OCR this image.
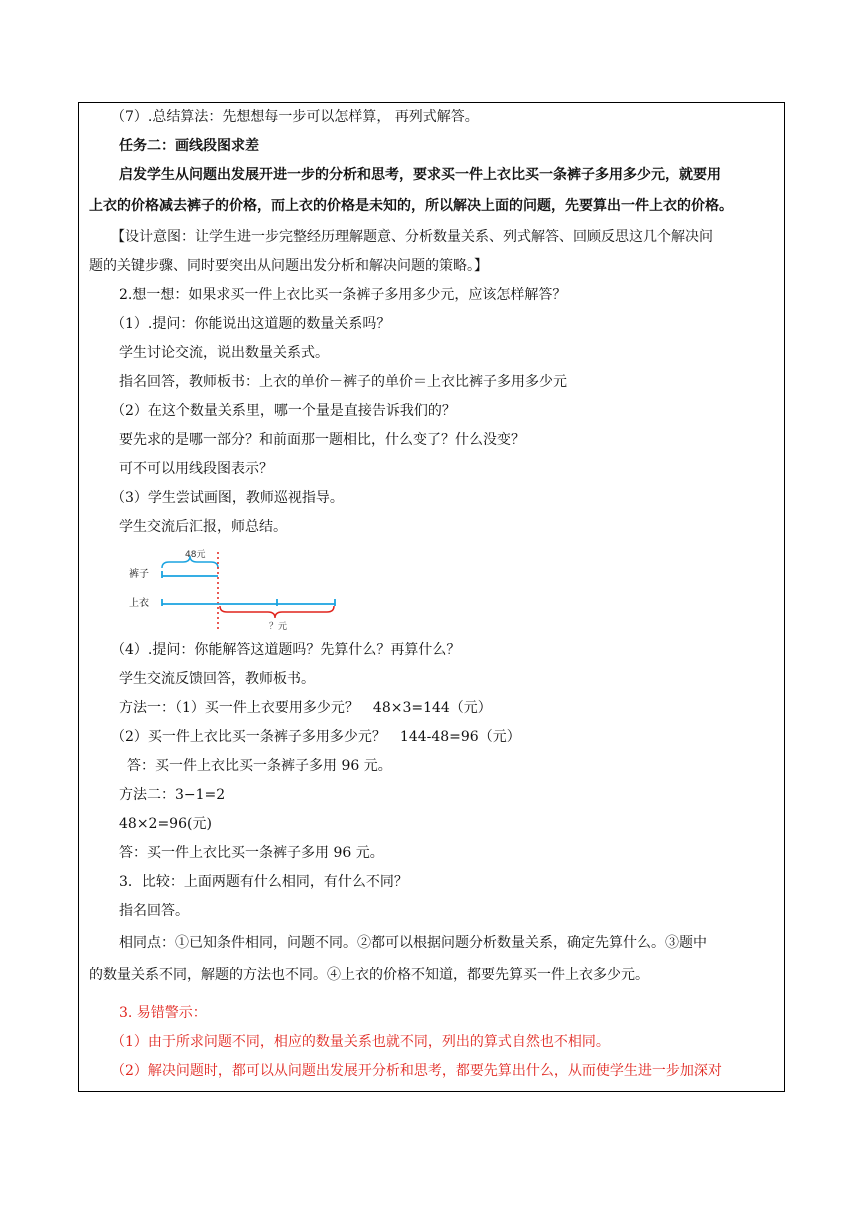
（7）.总结算法：先想想每一步可以怎样算， 再列式解答。
任务二：画线段图求差
启发学生从问题出发展开进一步的分析和思考，要求买一件上衣比买一条裤子多用多少元，就要用
上衣的价格减去裤子的价格，而上衣的价格是未知的，所以解决上面的问题，先要算出一件上衣的价格。
【设计意图：让学生进一步完整经历理解题意、分析数量关系、列式解答、回顾反思这几个解决问
题的关键步骤、同时要突出从问题出发分析和解决问题的策略。】
2.想一想：如果求买一件上衣比买一条裤子多用多少元，应该怎样解答？
（1）.提问：你能说出这道题的数量关系吗？
学生讨论交流，说出数量关系式。
指名回答，教师板书：上衣的单价－裤子的单价＝上衣比裤子多用多少元
（2）在这个数量关系里，哪一个量是直接告诉我们的？
要先求的是哪一部分？和前面那一题相比，什么变了？什么没变？
可不可以用线段图表示？
（3）学生尝试画图，教师巡视指导。
学生交流后汇报，师总结。
48元
裤子
上衣
？元
（4）.提问：你能解答这道题吗？先算什么？再算什么？
学生交流反馈回答，教师板书。
方法一：（1）买一件上衣要用多少元？　48×3=144（元）
（2）买一件上衣比买一条裤子多用多少元？　144-48=96（元）
答：买一件上衣比买一条裤子多用 96 元。
方法二：3−1=2
48×2=96(元)
答：买一件上衣比买一条裤子多用 96 元。
3．比较：上面两题有什么相同，有什么不同？
指名回答。
相同点：①已知条件相同，问题不同。②都可以根据问题分析数量关系，确定先算什么。③题中
的数量关系不同，解题的方法也不同。④上衣的价格不知道，都要先算买一件上衣多少元。
3. 易错警示：
（1）由于所求问题不同，相应的数量关系也就不同，列出的算式自然也不相同。
（2）解决问题时，都可以从问题出发展开分析和思考，都要先算出什么，从而使学生进一步加深对
